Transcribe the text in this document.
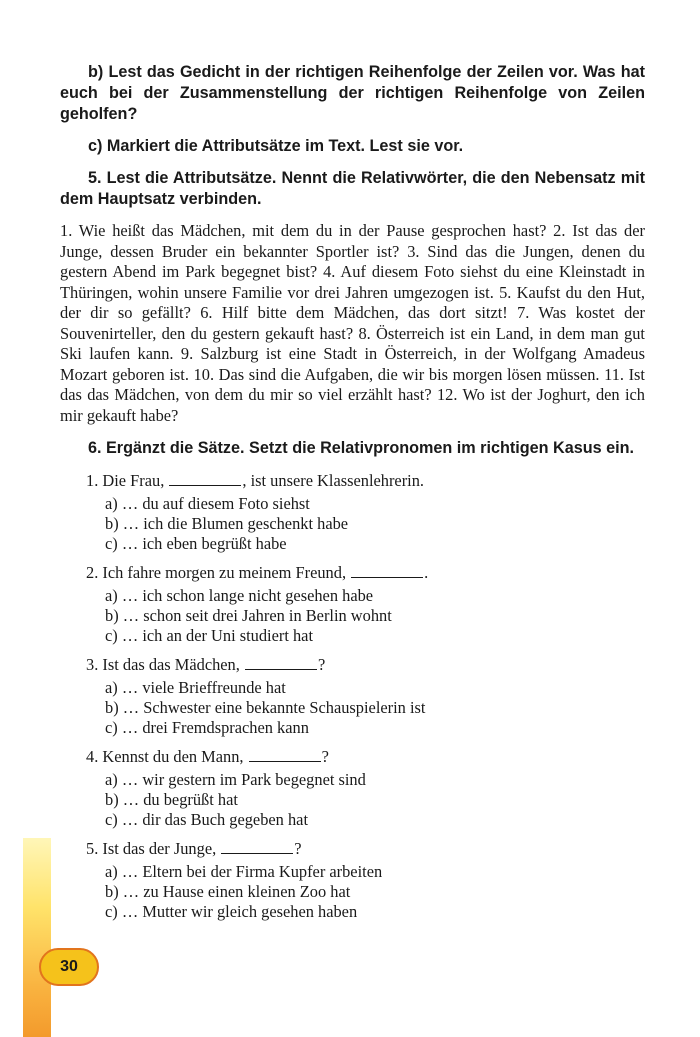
b) Lest das Gedicht in der richtigen Reihenfolge der Zeilen vor. Was hat euch bei der Zusammenstellung der richtigen Reihenfolge von Zeilen geholfen?

c) Markiert die Attributsätze im Text. Lest sie vor.

5. Lest die Attributsätze. Nennt die Relativwörter, die den Nebensatz mit dem Hauptsatz verbinden.

1. Wie heißt das Mädchen, mit dem du in der Pause gesprochen hast? 2. Ist das der Junge, dessen Bruder ein bekannter Sportler ist? 3. Sind das die Jungen, denen du gestern Abend im Park begegnet bist? 4. Auf diesem Foto siehst du eine Kleinstadt in Thüringen, wohin unsere Familie vor drei Jahren umgezogen ist. 5. Kaufst du den Hut, der dir so gefällt? 6. Hilf bitte dem Mädchen, das dort sitzt! 7. Was kostet der Souvenirteller, den du gestern gekauft hast? 8. Österreich ist ein Land, in dem man gut Ski laufen kann. 9. Salzburg ist eine Stadt in Österreich, in der Wolfgang Amadeus Mozart geboren ist. 10. Das sind die Aufgaben, die wir bis morgen lösen müssen. 11. Ist das das Mädchen, von dem du mir so viel erzählt hast? 12. Wo ist der Joghurt, den ich mir gekauft habe?

6. Ergänzt die Sätze. Setzt die Relativpronomen im richtigen Kasus ein.

1. Die Frau,	, ist unsere Klassenlehrerin.
a) … du auf diesem Foto siehst
b) … ich die Blumen geschenkt habe
c) … ich eben begrüßt habe
2. Ich fahre morgen zu meinem Freund,	.
a) … ich schon lange nicht gesehen habe
b) … schon seit drei Jahren in Berlin wohnt
c) … ich an der Uni studiert hat
3. Ist das das Mädchen,	?
a) … viele Brieffreunde hat
b) … Schwester eine bekannte Schauspielerin ist
c) … drei Fremdsprachen kann
4. Kennst du den Mann,	?
a) … wir gestern im Park begegnet sind
b) … du begrüßt hat
c) … dir das Buch gegeben hat
5. Ist das der Junge,	?
a) … Eltern bei der Firma Kupfer arbeiten
b) … zu Hause einen kleinen Zoo hat
c) … Mutter wir gleich gesehen haben
30
